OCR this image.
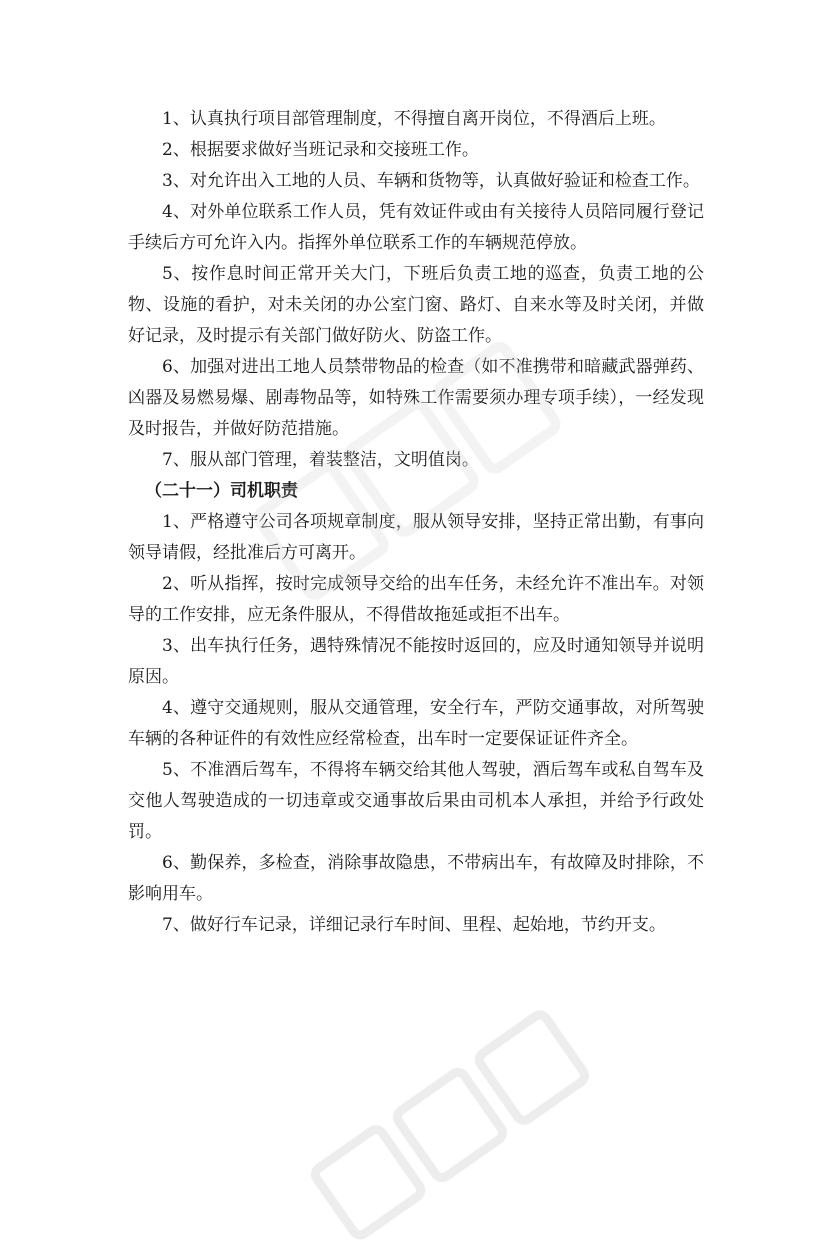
1、认真执行项目部管理制度，不得擅自离开岗位，不得酒后上班。

2、根据要求做好当班记录和交接班工作。

3、对允许出入工地的人员、车辆和货物等，认真做好验证和检查工作。

4、对外单位联系工作人员，凭有效证件或由有关接待人员陪同履行登记手续后方可允许入内。指挥外单位联系工作的车辆规范停放。

5、按作息时间正常开关大门，下班后负责工地的巡查，负责工地的公物、设施的看护，对未关闭的办公室门窗、路灯、自来水等及时关闭，并做好记录，及时提示有关部门做好防火、防盗工作。

6、加强对进出工地人员禁带物品的检查（如不准携带和暗藏武器弹药、凶器及易燃易爆、剧毒物品等，如特殊工作需要须办理专项手续），一经发现及时报告，并做好防范措施。

7、服从部门管理，着装整洁，文明值岗。

（二十一）司机职责

1、严格遵守公司各项规章制度，服从领导安排，坚持正常出勤，有事向领导请假，经批准后方可离开。

2、听从指挥，按时完成领导交给的出车任务，未经允许不准出车。对领导的工作安排，应无条件服从，不得借故拖延或拒不出车。

3、出车执行任务，遇特殊情况不能按时返回的，应及时通知领导并说明原因。

4、遵守交通规则，服从交通管理，安全行车，严防交通事故，对所驾驶车辆的各种证件的有效性应经常检查，出车时一定要保证证件齐全。

5、不准酒后驾车，不得将车辆交给其他人驾驶，酒后驾车或私自驾车及交他人驾驶造成的一切违章或交通事故后果由司机本人承担，并给予行政处罚。

6、勤保养，多检查，消除事故隐患，不带病出车，有故障及时排除，不影响用车。

7、做好行车记录，详细记录行车时间、里程、起始地，节约开支。
